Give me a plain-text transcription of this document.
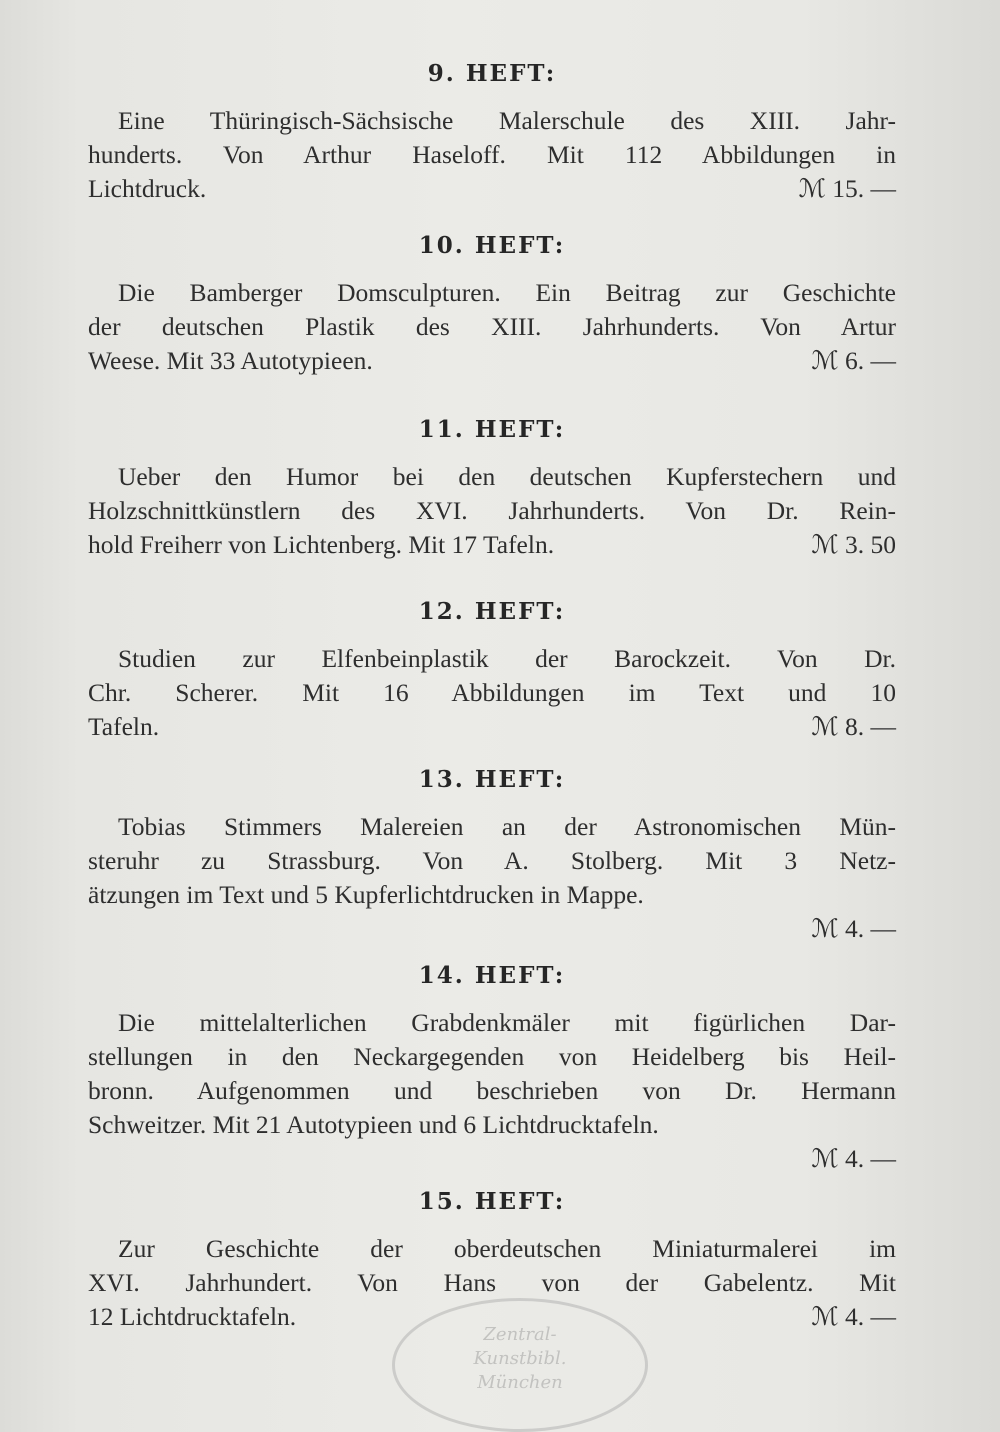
9. HEFT:
Eine Thüringisch-Sächsische Malerschule des XIII. Jahr-
hunderts. Von Arthur Haseloff. Mit 112 Abbildungen in
Lichtdruck.	ℳ 15. —
10. HEFT:
Die Bamberger Domsculpturen. Ein Beitrag zur Geschichte
der deutschen Plastik des XIII. Jahrhunderts. Von Artur
Weese. Mit 33 Autotypieen.	ℳ 6. —
11. HEFT:
Ueber den Humor bei den deutschen Kupferstechern und
Holzschnittkünstlern des XVI. Jahrhunderts. Von Dr. Rein-
hold Freiherr von Lichtenberg. Mit 17 Tafeln.	ℳ 3. 50
12. HEFT:
Studien zur Elfenbeinplastik der Barockzeit. Von Dr.
Chr. Scherer. Mit 16 Abbildungen im Text und 10
Tafeln.	ℳ 8. —
13. HEFT:
Tobias Stimmers Malereien an der Astronomischen Mün-
steruhr zu Strassburg. Von A. Stolberg. Mit 3 Netz-
ätzungen im Text und 5 Kupferlichtdrucken in Mappe.
ℳ 4. —
14. HEFT:
Die mittelalterlichen Grabdenkmäler mit figürlichen Dar-
stellungen in den Neckargegenden von Heidelberg bis Heil-
bronn. Aufgenommen und beschrieben von Dr. Hermann
Schweitzer. Mit 21 Autotypieen und 6 Lichtdrucktafeln.
ℳ 4. —
15. HEFT:
Zur Geschichte der oberdeutschen Miniaturmalerei im
XVI. Jahrhundert. Von Hans von der Gabelentz. Mit
12 Lichtdrucktafeln.	ℳ 4. —
Zentral-
Kunstbibl.
München
